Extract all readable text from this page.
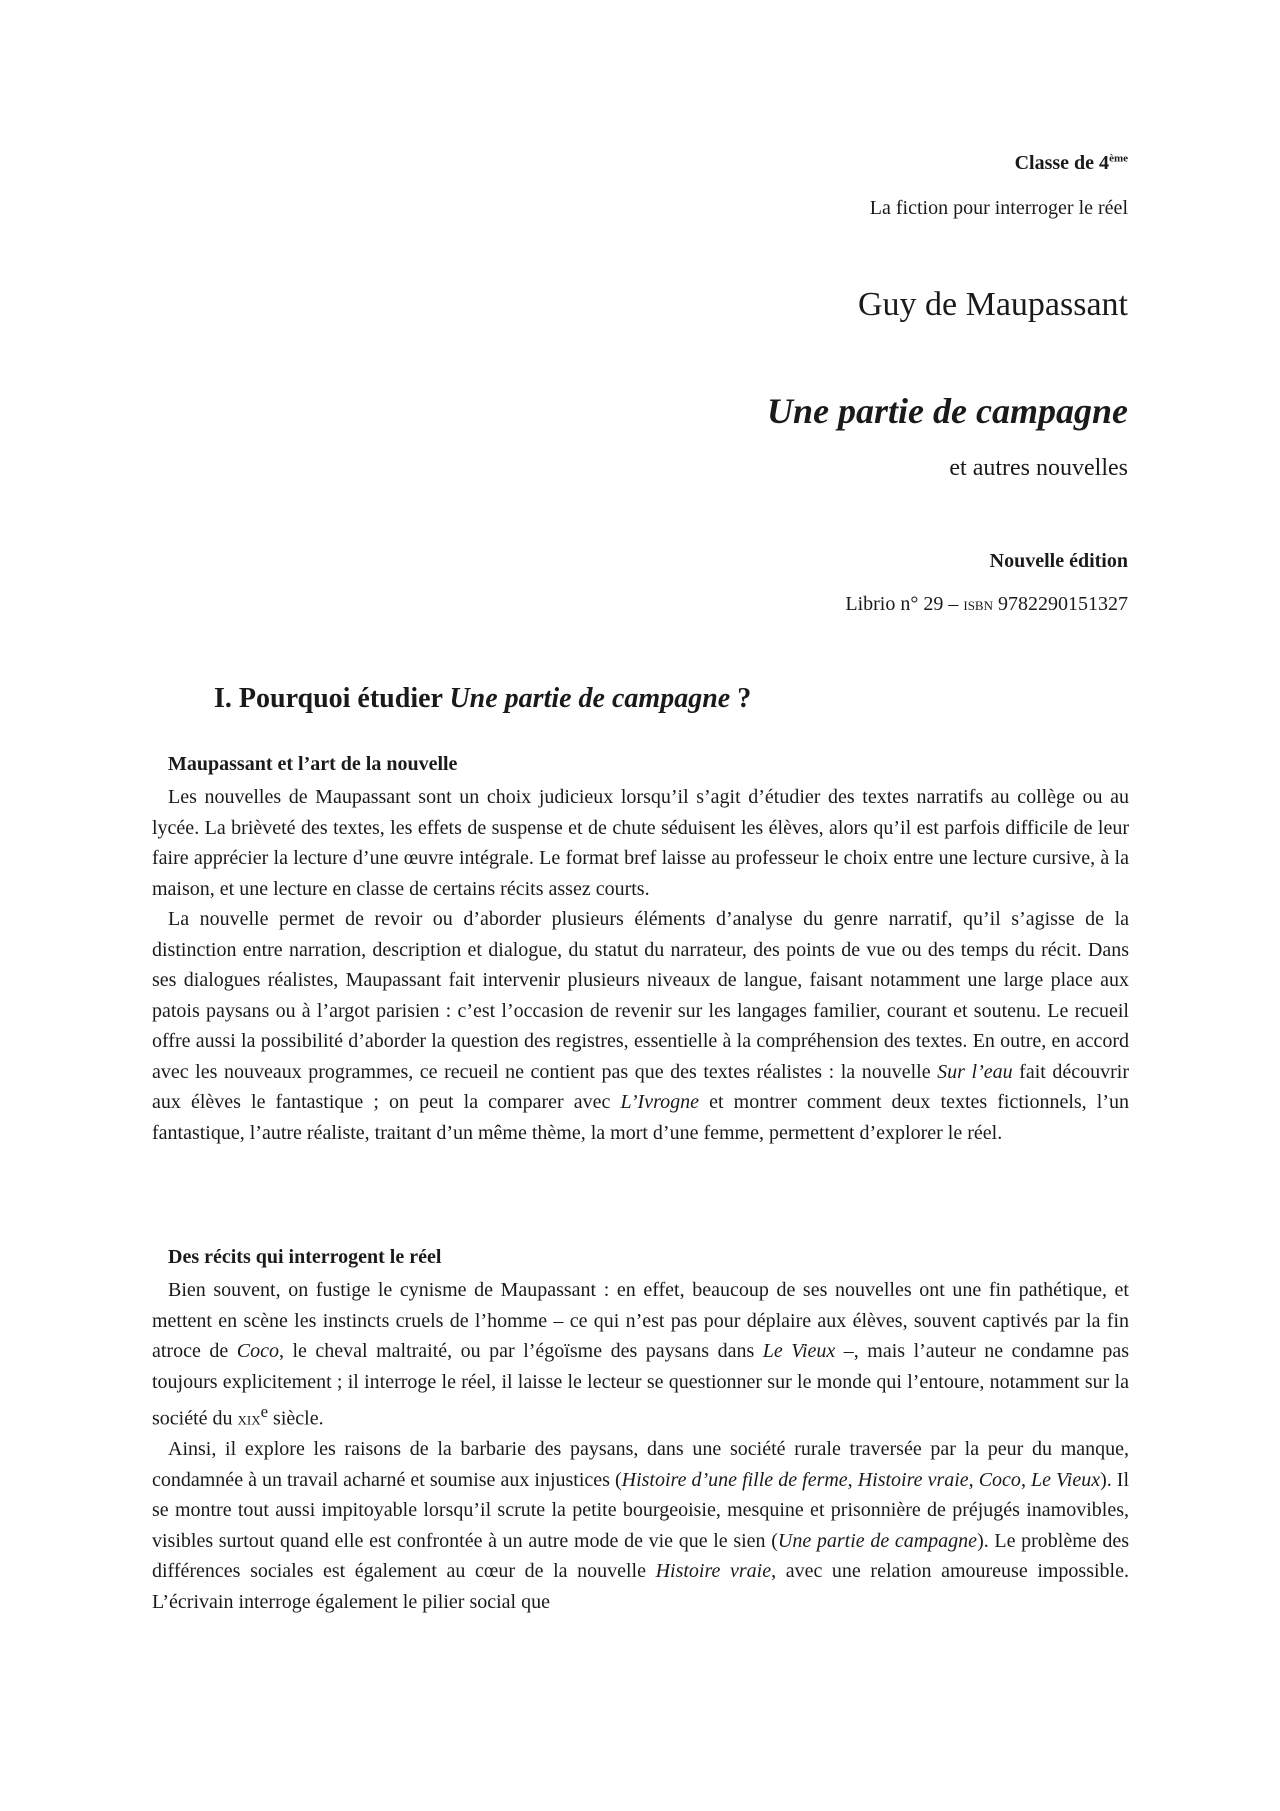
Classe de 4ème
La fiction pour interroger le réel
Guy de Maupassant
Une partie de campagne
et autres nouvelles
Nouvelle édition
Librio n° 29 – isbn 9782290151327
I. Pourquoi étudier Une partie de campagne ?
Maupassant et l’art de la nouvelle

Les nouvelles de Maupassant sont un choix judicieux lorsqu’il s’agit d’étudier des textes narratifs au collège ou au lycée. La brièveté des textes, les effets de suspense et de chute séduisent les élèves, alors qu’il est parfois difficile de leur faire apprécier la lecture d’une œuvre intégrale. Le format bref laisse au professeur le choix entre une lecture cursive, à la maison, et une lecture en classe de certains récits assez courts.

La nouvelle permet de revoir ou d’aborder plusieurs éléments d’analyse du genre narratif, qu’il s’agisse de la distinction entre narration, description et dialogue, du statut du narrateur, des points de vue ou des temps du récit. Dans ses dialogues réalistes, Maupassant fait intervenir plusieurs niveaux de langue, faisant notamment une large place aux patois paysans ou à l’argot parisien : c’est l’occasion de revenir sur les langages familier, courant et soutenu. Le recueil offre aussi la possibilité d’aborder la question des registres, essentielle à la compréhension des textes. En outre, en accord avec les nouveaux programmes, ce recueil ne contient pas que des textes réalistes : la nouvelle Sur l’eau fait découvrir aux élèves le fantastique ; on peut la comparer avec L’Ivrogne et montrer comment deux textes fictionnels, l’un fantastique, l’autre réaliste, traitant d’un même thème, la mort d’une femme, permettent d’explorer le réel.

Des récits qui interrogent le réel

Bien souvent, on fustige le cynisme de Maupassant : en effet, beaucoup de ses nouvelles ont une fin pathétique, et mettent en scène les instincts cruels de l’homme – ce qui n’est pas pour déplaire aux élèves, souvent captivés par la fin atroce de Coco, le cheval maltraité, ou par l’égoïsme des paysans dans Le Vieux –, mais l’auteur ne condamne pas toujours explicitement ; il interroge le réel, il laisse le lecteur se questionner sur le monde qui l’entoure, notamment sur la société du xix$^e$ siècle.

Ainsi, il explore les raisons de la barbarie des paysans, dans une société rurale traversée par la peur du manque, condamnée à un travail acharné et soumise aux injustices (Histoire d’une fille de ferme, Histoire vraie, Coco, Le Vieux). Il se montre tout aussi impitoyable lorsqu’il scrute la petite bourgeoisie, mesquine et prisonnière de préjugés inamovibles, visibles surtout quand elle est confrontée à un autre mode de vie que le sien (Une partie de campagne). Le problème des différences sociales est également au cœur de la nouvelle Histoire vraie, avec une relation amoureuse impossible. L’écrivain interroge également le pilier social que
